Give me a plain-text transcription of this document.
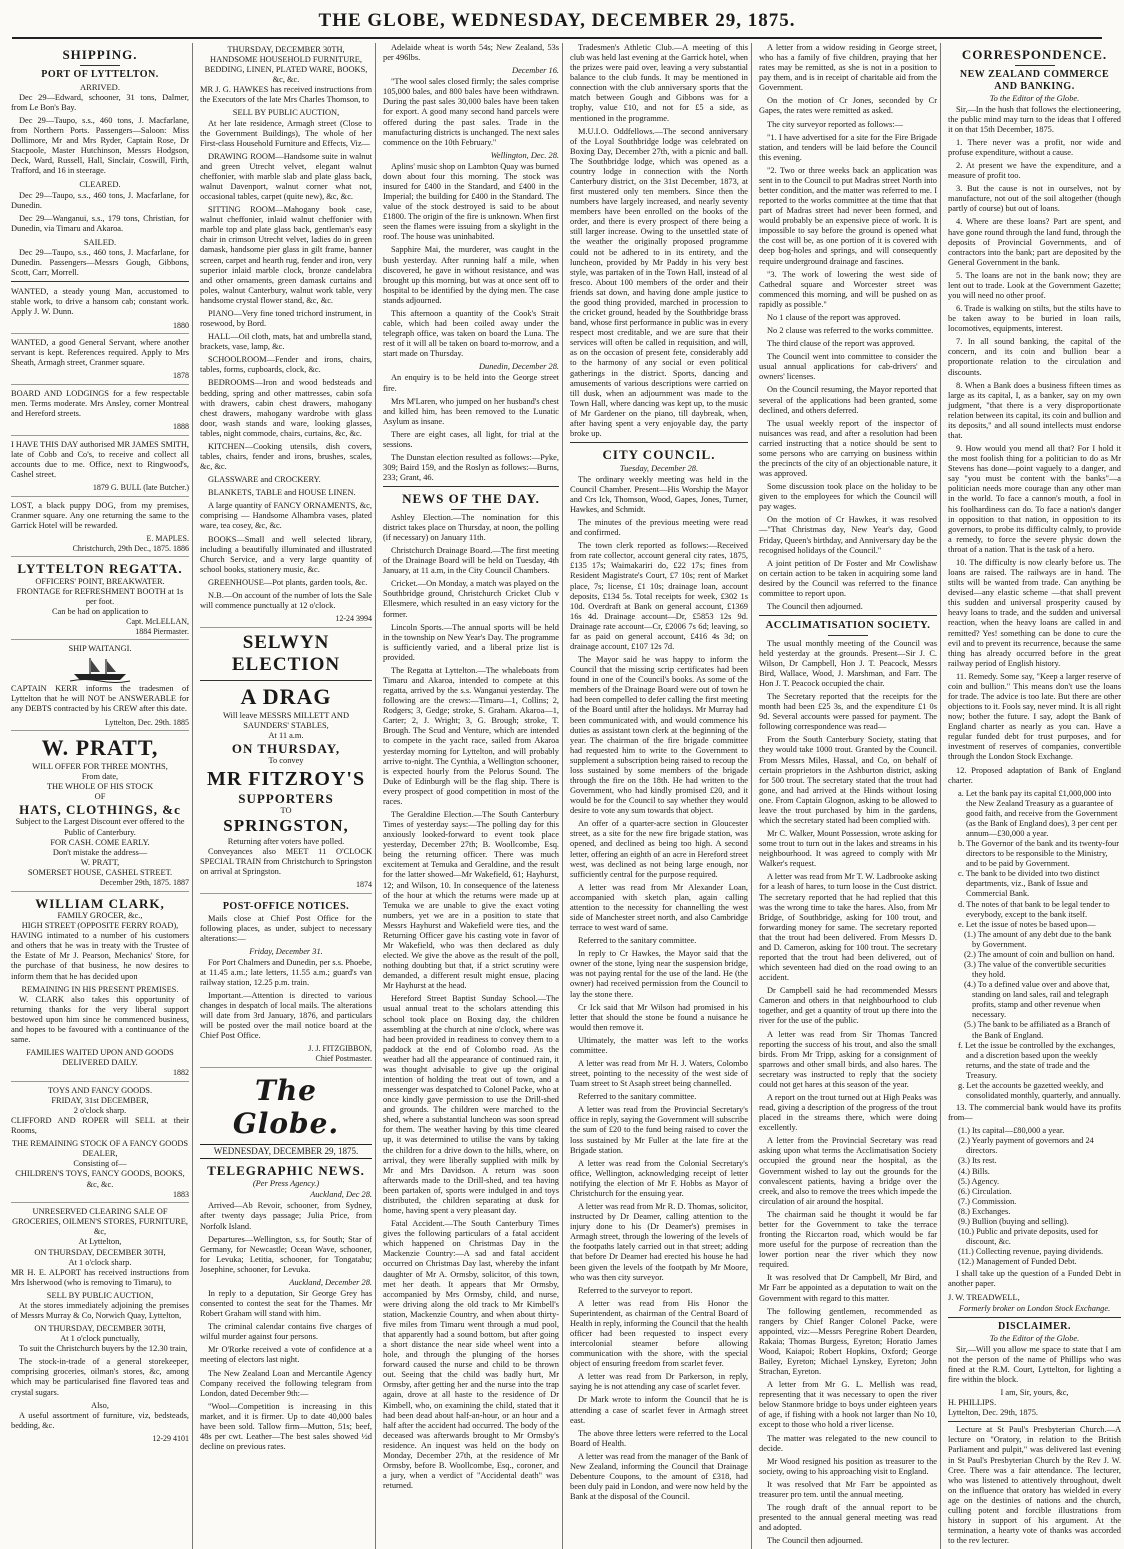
THE GLOBE, WEDNESDAY, DECEMBER 29, 1875.
SHIPPING.
PORT OF LYTTELTON.
ARRIVED.

Dec 29—Edward, schooner, 31 tons, Dalmer, from Le Bon's Bay.

Dec 29—Taupo, s.s., 460 tons, J. Macfarlane, from Northern Ports. Passengers—Saloon: Miss Dollimore, Mr and Mrs Ryder, Captain Rose, Dr Stacpoole, Master Hutchinson, Messrs Hodgson, Deck, Ward, Russell, Hall, Sinclair, Coswill, Firth, Trafford, and 16 in steerage.

CLEARED.

Dec 29—Taupo, s.s., 460 tons, J. Macfarlane, for Dunedin.

Dec 29—Wanganui, s.s., 179 tons, Christian, for Dunedin, via Timaru and Akaroa.

SAILED.

Dec 29—Taupo, s.s., 460 tons, J. Macfarlane, for Dunedin. Passengers—Messrs Gough, Gibbons, Scott, Carr, Morrell.

WANTED, a steady young Man, accustomed to stable work, to drive a hansom cab; constant work. Apply J. W. Dunn.

1880

WANTED, a good General Servant, where another servant is kept. References required. Apply to Mrs Sheath, Armagh street, Cranmer square.

1878

BOARD AND LODGINGS for a few respectable men. Terms moderate. Mrs Ansley, corner Montreal and Hereford streets.

1888

I HAVE THIS DAY authorised MR JAMES SMITH, late of Cobb and Co's, to receive and collect all accounts due to me. Office, next to Ringwood's, Cashel street.

1879 G. BULL (late Butcher.)

LOST, a black puppy DOG, from my premises, Cranmer square. Any one returning the same to the Garrick Hotel will be rewarded.

E. MAPLES.
Christchurch, 29th Dec., 1875. 1886
LYTTELTON REGATTA.
OFFICERS' POINT, BREAKWATER.
FRONTAGE for REFRESHMENT BOOTH at 1s per foot.
Can be had on application to
Capt. McLELLAN,
1884 Piermaster.
SHIP WAITANGI.

CAPTAIN KERR informs the tradesmen of Lyttelton that he will NOT be ANSWERABLE for any DEBTS contracted by his CREW after this date.

Lyttelton, Dec. 29th. 1885
W. PRATT,
WILL OFFER FOR THREE MONTHS,
From date,
THE WHOLE OF HIS STOCK
OF
HATS, CLOTHINGS, &c
Subject to the Largest Discount ever offered to the Public of Canterbury.
FOR CASH. COME EARLY.
Don't mistake the address—
W. PRATT,
SOMERSET HOUSE, CASHEL STREET.
December 29th, 1875. 1887
WILLIAM CLARK,
FAMILY GROCER, &c.,
HIGH STREET (OPPOSITE FERRY ROAD),

HAVING intimated to a number of his customers and others that he was in treaty with the Trustee of the Estate of Mr J. Pearson, Mechanics' Store, for the purchase of that business, he now desires to inform them that he has decided upon

REMAINING IN HIS PRESENT PREMISES.

W. CLARK also takes this opportunity of returning thanks for the very liberal support bestowed upon him since he commenced business, and hopes to be favoured with a continuance of the same.

FAMILIES WAITED UPON AND GOODS DELIVERED DAILY.
1882
TOYS AND FANCY GOODS.
FRIDAY, 31st DECEMBER,
2 o'clock sharp.

CLIFFORD AND ROPER will SELL at their Rooms,

THE REMAINING STOCK OF A FANCY GOODS DEALER,
Consisting of—
CHILDREN'S TOYS, FANCY GOODS, BOOKS, &c, &c.
1883
UNRESERVED CLEARING SALE OF GROCERIES, OILMEN'S STORES, FURNITURE, &c,
At Lyttelton,
ON THURSDAY, DECEMBER 30TH,
At 1 o'clock sharp.

MR H. E. ALPORT has received instructions from Mrs Isherwood (who is removing to Timaru), to

SELL BY PUBLIC AUCTION,

At the stores immediately adjoining the premises of Messrs Murray & Co, Norwich Quay, Lyttelton,

ON THURSDAY, DECEMBER 30TH,
At 1 o'clock punctually,

To suit the Christchurch buyers by the 12.30 train,

The stock-in-trade of a general storekeeper, comprising groceries, oilman's stores, &c, among which may be particularised fine flavored teas and crystal sugars.

Also,

A useful assortment of furniture, viz, bedsteads, bedding, &c.

12-29 4101
THURSDAY, DECEMBER 30TH,
HANDSOME HOUSEHOLD FURNITURE, BEDDING, LINEN, PLATED WARE, BOOKS, &c, &c.

MR J. G. HAWKES has received instructions from the Executors of the late Mrs Charles Thomson, to

SELL BY PUBLIC AUCTION,

At her late residence, Armagh street (Close to the Government Buildings), The whole of her First-class Household Furniture and Effects, Viz—

DRAWING ROOM—Handsome suite in walnut and green Utrecht velvet, elegant walnut cheffonier, with marble slab and plate glass back, walnut Davenport, walnut corner what not, occasional tables, carpet (quite new), &c, &c.

SITTING ROOM—Mahogany book case, walnut cheffonier, inlaid walnut cheffonier with marble top and plate glass back, gentleman's easy chair in crimson Utrecht velvet, ladies do in green damask, handsome pier glass in gilt frame, banner screen, carpet and hearth rug, fender and iron, very superior inlaid marble clock, bronze candelabra and other ornaments, green damask curtains and poles, walnut Canterbury, walnut work table, very handsome crystal flower stand, &c, &c.

PIANO—Very fine toned trichord instrument, in rosewood, by Bord.

HALL—Oil cloth, mats, hat and umbrella stand, brackets, vase, lamp, &c.

SCHOOLROOM—Fender and irons, chairs, tables, forms, cupboards, clock, &c.

BEDROOMS—Iron and wood bedsteads and bedding, spring and other mattresses, cabin sofa with drawers, cabin chest drawers, mahogany chest drawers, mahogany wardrobe with glass door, wash stands and ware, looking glasses, tables, night commode, chairs, curtains, &c, &c.

KITCHEN—Cooking utensils, dish covers, tables, chairs, fender and irons, brushes, scales, &c, &c.

GLASSWARE and CROCKERY.

BLANKETS, TABLE and HOUSE LINEN.

A large quantity of FANCY ORNAMENTS, &c, comprising — Handsome Alhambra vases, plated ware, tea cosey, &c, &c.

BOOKS—Small and well selected library, including a beautifully illuminated and illustrated Church Service, and a very large quantity of school books, stationery music, &c.

GREENHOUSE—Pot plants, garden tools, &c.

N.B.—On account of the number of lots the Sale will commence punctually at 12 o'clock.

12-24 3994
SELWYN ELECTION
A DRAG
Will leave MESSRS MILLETT AND SAUNDERS' STABLES,
At 11 a.m.
ON THURSDAY,
To convey
MR FITZROY'S
SUPPORTERS
TO
SPRINGSTON,
Returning after voters have polled.

Conveyances also MEET 11 O'CLOCK SPECIAL TRAIN from Christchurch to Springston on arrival at Springston.

1874
POST-OFFICE NOTICES.

Mails close at Chief Post Office for the following places, as under, subject to necessary alterations:—

Friday, December 31.

For Port Chalmers and Dunedin, per s.s. Phoebe, at 11.45 a.m.; late letters, 11.55 a.m.; guard's van railway station, 12.25 p.m. train.

Important.—Attention is directed to various changes in despatch of local mails. The alterations will date from 3rd January, 1876, and particulars will be posted over the mail notice board at the Chief Post Office.

J. J. FITZGIBBON,
Chief Postmaster.
The Globe.
WEDNESDAY, DECEMBER 29, 1875.
TELEGRAPHIC NEWS.
(Per Press Agency.)
Auckland, Dec 28.

Arrived—Ab Revoir, schooner, from Sydney, after twenty days passage; Julia Price, from Norfolk Island.

Departures—Wellington, s.s, for South; Star of Germany, for Newcastle; Ocean Wave, schooner, for Levuka; Letitia, schooner, for Tongatabu; Josephine, schooner, for Levuka.

Auckland, December 28.

In reply to a deputation, Sir George Grey has consented to contest the seat for the Thames. Mr Robert Graham will stand with him.

The criminal calendar contains five charges of wilful murder against four persons.

Mr O'Rorke received a vote of confidence at a meeting of electors last night.

The New Zealand Loan and Mercantile Agency Company received the following telegram from London, dated December 9th:—

"Wool—Competition is increasing in this market, and it is firmer. Up to date 40,000 bales have been sold. Tallow firm—Mutton, 51s; beef, 48s per cwt. Leather—The best sales showed ½d decline on previous rates.

Adelaide wheat is worth 54s; New Zealand, 53s per 496lbs.

December 16.

"The wool sales closed firmly; the sales comprise 105,000 bales, and 800 bales have been withdrawn. During the past sales 30,000 bales have been taken for export. A good many second hand parcels were offered during the past sales. Trade in the manufacturing districts is unchanged. The next sales commence on the 10th February."

Wellington, Dec. 28.

Aplins' music shop on Lambton Quay was burned down about four this morning. The stock was insured for £400 in the Standard, and £400 in the Imperial; the building for £400 in the Standard. The value of the stock destroyed is said to be about £1800. The origin of the fire is unknown. When first seen the flames were issuing from a skylight in the roof. The house was uninhabited.

Sapphire Mai, the murderer, was caught in the bush yesterday. After running half a mile, when discovered, he gave in without resistance, and was brought up this morning, but was at once sent off to hospital to be identified by the dying men. The case stands adjourned.

This afternoon a quantity of the Cook's Strait cable, which had been coiled away under the telegraph office, was taken on board the Luna. The rest of it will all be taken on board to-morrow, and a start made on Thursday.

Dunedin, December 28.

An enquiry is to be held into the George street fire.

Mrs M'Laren, who jumped on her husband's chest and killed him, has been removed to the Lunatic Asylum as insane.

There are eight cases, all light, for trial at the sessions.

The Dunstan election resulted as follows:—Pyke, 309; Baird 159, and the Roslyn as follows:—Burns, 233; Grant, 46.

NEWS OF THE DAY.

Ashley Election.—The nomination for this district takes place on Thursday, at noon, the polling (if necessary) on January 11th.

Christchurch Drainage Board.—The first meeting of the Drainage Board will be held on Tuesday, 4th January, at 11 a.m, in the City Council Chambers.

Cricket.—On Monday, a match was played on the Southbridge ground, Christchurch Cricket Club v Ellesmere, which resulted in an easy victory for the former.

Lincoln Sports.—The annual sports will be held in the township on New Year's Day. The programme is sufficiently varied, and a liberal prize list is provided.

The Regatta at Lyttelton.—The whaleboats from Timaru and Akaroa, intended to compete at this regatta, arrived by the s.s. Wanganui yesterday. The following are the crews:—Timaru—1, Collins; 2, Rodgers; 3, Gedge; stroke, S. Graham. Akaroa—1, Carter; 2, J. Wright; 3, G. Brough; stroke, T. Brough. The Scud and Venture, which are intended to compete in the yacht race, sailed from Akaroa yesterday morning for Lyttelton, and will probably arrive to-night. The Cynthia, a Wellington schooner, is expected hourly from the Pelorus Sound. The Duke of Edinburgh will be the flag ship. There is every prospect of good competition in most of the races.

The Geraldine Election.—The South Canterbury Times of yesterday says:—The polling day for this anxiously looked-forward to event took place yesterday, December 27th; B. Woollcombe, Esq. being the returning officer. There was much excitement at Temuka and Geraldine, and the result for the latter showed—Mr Wakefield, 61; Hayhurst, 12; and Wilson, 10. In consequence of the lateness of the hour at which the returns were made up at Temuka we are unable to give the exact voting numbers, yet we are in a position to state that Messrs Hayhurst and Wakefield were ties, and the Returning Officer gave his casting vote in favor of Mr Wakefield, who was then declared as duly elected. We give the above as the result of the poll, nothing doubting but that, if a strict scrutiny were demanded, a different result might ensue, placing Mr Hayhurst at the head.

Hereford Street Baptist Sunday School.—The usual annual treat to the scholars attending this school took place on Boxing day, the children assembling at the church at nine o'clock, where was had been provided in readiness to convey them to a paddock at the end of Colombo road. As the weather had all the appearance of continued rain, it was thought advisable to give up the original intention of holding the treat out of town, and a messenger was despatched to Colonel Packe, who at once kindly gave permission to use the Drill-shed and grounds. The children were marched to the shed, where a substantial luncheon was soon spread for them. The weather having by this time cleared up, it was determined to utilise the vans by taking the children for a drive down to the hills, where, on arrival, they were liberally supplied with milk by Mr and Mrs Davidson. A return was soon afterwards made to the Drill-shed, and tea having been partaken of, sports were indulged in and toys distributed, the children separating at dusk for home, having spent a very pleasant day.

Fatal Accident.—The South Canterbury Times gives the following particulars of a fatal accident which happened on Christmas Day in the Mackenzie Country:—A sad and fatal accident occurred on Christmas Day last, whereby the infant daughter of Mr A. Ormsby, solicitor, of this town, met her death. It appears that Mr Ormsby, accompanied by Mrs Ormsby, child, and nurse, were driving along the old track to Mr Kimbell's station, Mackenzie Country, and when about thirty-five miles from Timaru went through a mud pool, that apparently had a sound bottom, but after going a short distance the near side wheel went into a hole, and through the plunging of the horses forward caused the nurse and child to be thrown out. Seeing that the child was badly hurt, Mr Ormsby, after getting her and the nurse into the trap again, drove at all haste to the residence of Dr Kimbell, who, on examining the child, stated that it had been dead about half-an-hour, or an hour and a half after the accident had occurred. The body of the deceased was afterwards brought to Mr Ormsby's residence. An inquest was held on the body on Monday, December 27th, at the residence of Mr Ormsby, before B. Woollcombe, Esq., coroner, and a jury, when a verdict of "Accidental death" was returned.

Tradesmen's Athletic Club.—A meeting of this club was held last evening at the Garrick hotel, when the prizes were paid over, leaving a very substantial balance to the club funds. It may be mentioned in connection with the club anniversary sports that the match between Gough and Gibbons was for a trophy, value £10, and not for £5 a side, as mentioned in the programme.

M.U.I.O. Oddfellows.—The second anniversary of the Loyal Southbridge lodge was celebrated on Boxing Day, December 27th, with a picnic and ball. The Southbridge lodge, which was opened as a country lodge in connection with the North Canterbury district, on the 31st December, 1873, at first mustered only ten members. Since then the numbers have largely increased, and nearly seventy members have been enrolled on the books of the order, and there is every prospect of there being a still larger increase. Owing to the unsettled state of the weather the originally proposed programme could not be adhered to in its entirety, and the luncheon, provided by Mr Paddy in his very best style, was partaken of in the Town Hall, instead of al fresco. About 100 members of the order and their friends sat down, and having done ample justice to the good thing provided, marched in procession to the cricket ground, headed by the Southbridge brass band, whose first performance in public was in every respect most creditable, and we are sure that their services will often be called in requisition, and will, as on the occasion of present fete, considerably add to the harmony of any social or even political gatherings in the district. Sports, dancing and amusements of various descriptions were carried on till dusk, when an adjournment was made to the Town Hall, where dancing was kept up, to the music of Mr Gardener on the piano, till daybreak, when, after having spent a very enjoyable day, the party broke up.

CITY COUNCIL.
Tuesday, December 28.

The ordinary weekly meeting was held in the Council Chamber. Present—His Worship the Mayor and Crs Ick, Thomson, Wood, Gapes, Jones, Turner, Hawkes, and Schmidt.

The minutes of the previous meeting were read and confirmed.

The town clerk reported as follows:—Received from rate collector, account general city rates, 1875, £135 17s; Waimakariri do, £22 17s; fines from Resident Magistrate's Court, £7 10s; rent of Market place, 7s; license, £1 10s; drainage loan, account deposits, £134 5s. Total receipts for week, £302 1s 10d. Overdraft at Bank on general account, £1369 16s 4d. Drainage account—Dr, £5853 12s 9d. Drainage rate account—Cr, £2006 7s 6d; leaving, so far as paid on general account, £416 4s 3d; on drainage account, £107 12s 7d.

The Mayor said he was happy to inform the Council that the missing scrip certificates had been found in one of the Council's books. As some of the members of the Drainage Board were out of town he had been compelled to defer calling the first meeting of the Board until after the holidays. Mr Murray had been communicated with, and would commence his duties as assistant town clerk at the beginning of the year. The chairman of the fire brigade committee had requested him to write to the Government to supplement a subscription being raised to recoup the loss sustained by some members of the brigade through the fire on the 18th. He had written to the Government, who had kindly promised £20, and it would be for the Council to say whether they would desire to vote any sum towards that object.

An offer of a quarter-acre section in Gloucester street, as a site for the new fire brigade station, was opened, and declined as being too high. A second letter, offering an eighth of an acre in Hereford street west, was declined as not being large enough, nor sufficiently central for the purpose required.

A letter was read from Mr Alexander Loan, accompanied with sketch plan, again calling attention to the necessity for channelling the west side of Manchester street north, and also Cambridge terrace to west ward of same.

Referred to the sanitary committee.

In reply to Cr Hawkes, the Mayor said that the owner of the stone, lying near the suspension bridge, was not paying rental for the use of the land. He (the owner) had received permission from the Council to lay the stone there.

Cr Ick said that Mr Wilson had promised in his letter that should the stone be found a nuisance he would then remove it.

Ultimately, the matter was left to the works committee.

A letter was read from Mr H. J. Waters, Colombo street, pointing to the necessity of the west side of Tuam street to St Asaph street being channelled.

Referred to the sanitary committee.

A letter was read from the Provincial Secretary's office in reply, saying the Government will subscribe the sum of £20 to the fund being raised to cover the loss sustained by Mr Fuller at the late fire at the Brigade station.

A letter was read from the Colonial Secretary's office, Wellington, acknowledging receipt of letter notifying the election of Mr F. Hobbs as Mayor of Christchurch for the ensuing year.

A letter was read from Mr R. D. Thomas, solicitor, instructed by Dr Deamer, calling attention to the injury done to his (Dr Deamer's) premises in Armagh street, through the lowering of the levels of the footpaths lately carried out in that street; adding that before Dr Deamer had erected his house he had been given the levels of the footpath by Mr Moore, who was then city surveyor.

Referred to the surveyor to report.

A letter was read from His Honor the Superintendent, as chairman of the Central Board of Health in reply, informing the Council that the health officer had been requested to inspect every intercolonial steamer before allowing communication with the shore, with the special object of ensuring freedom from scarlet fever.

A letter was read from Dr Parkerson, in reply, saying he is not attending any case of scarlet fever.

Dr Mark wrote to inform the Council that he is attending a case of scarlet fever in Armagh street east.

The above three letters were referred to the Local Board of Health.

A letter was read from the manager of the Bank of New Zealand, informing the Council that Drainage Debenture Coupons, to the amount of £318, had been duly paid in London, and were now held by the Bank at the disposal of the Council.

A letter from a widow residing in George street, who has a family of five children, praying that her rates may be remitted, as she is not in a position to pay them, and is in receipt of charitable aid from the Government.

On the motion of Cr Jones, seconded by Cr Gapes, the rates were remitted as asked.

The city surveyor reported as follows:—

"1. I have advertised for a site for the Fire Brigade station, and tenders will be laid before the Council this evening.

"2. Two or three weeks back an application was sent in to the Council to put Madras street North into better condition, and the matter was referred to me. I reported to the works committee at the time that that part of Madras street had never been formed, and would probably be an expensive piece of work. It is impossible to say before the ground is opened what the cost will be, as one portion of it is covered with deep bog-holes and springs, and will consequently require underground drainage and fascines.

"3. The work of lowering the west side of Cathedral square and Worcester street was commenced this morning, and will be pushed on as rapidly as possible."

No 1 clause of the report was approved.

No 2 clause was referred to the works committee.

The third clause of the report was approved.

The Council went into committee to consider the usual annual applications for cab-drivers' and owners' licenses.

On the Council resuming, the Mayor reported that several of the applications had been granted, some declined, and others deferred.

The usual weekly report of the inspector of nuisances was read, and after a resolution had been carried instructing that a notice should be sent to some persons who are carrying on business within the precincts of the city of an objectionable nature, it was approved.

Some discussion took place on the holiday to be given to the employees for which the Council will pay wages.

On the motion of Cr Hawkes, it was resolved—"That Christmas day, New Year's day, Good Friday, Queen's birthday, and Anniversary day be the recognised holidays of the Council."

A joint petition of Dr Foster and Mr Cowlishaw on certain action to be taken in acquiring some land desired by the Council was referred to the finance committee to report upon.

The Council then adjourned.

ACCLIMATISATION SOCIETY.

The usual monthly meeting of the Council was held yesterday at the grounds. Present—Sir J. C. Wilson, Dr Campbell, Hon J. T. Peacock, Messrs Bird, Wallace, Wood, J. Marshman, and Farr. The Hon J. T. Peacock occupied the chair.

The Secretary reported that the receipts for the month had been £25 3s, and the expenditure £1 0s 9d. Several accounts were passed for payment. The following correspondence was read—

From the South Canterbury Society, stating that they would take 1000 trout. Granted by the Council. From Messrs Miles, Hassal, and Co, on behalf of certain proprietors in the Ashburton district, asking for 500 trout. The secretary stated that the trout had gone, and had arrived at the Hinds without losing one. From Captain Glognon, asking to be allowed to leave the trout purchased by him in the gardens, which the secretary stated had been complied with.

Mr C. Walker, Mount Possession, wrote asking for some trout to turn out in the lakes and streams in his neighbourhood. It was agreed to comply with Mr Walker's request.

A letter was read from Mr T. W. Ladbrooke asking for a leash of hares, to turn loose in the Cust district. The secretary reported that he had replied that this was the wrong time to take the hares. Also, from Mr Bridge, of Southbridge, asking for 100 trout, and forwarding money for same. The secretary reported that the trout had been delivered. From Messrs D. and D. Cameron, asking for 100 trout. The secretary reported that the trout had been delivered, out of which seventeen had died on the road owing to an accident.

Dr Campbell said he had recommended Messrs Cameron and others in that neighbourhood to club together, and get a quantity of trout up there into the river for the use of the public.

A letter was read from Sir Thomas Tancred reporting the success of his trout, and also the small birds. From Mr Tripp, asking for a consignment of sparrows and other small birds, and also hares. The secretary was instructed to reply that the society could not get hares at this season of the year.

A report on the trout turned out at High Peaks was read, giving a description of the progress of the trout placed in the streams there, which were doing excellently.

A letter from the Provincial Secretary was read asking upon what terms the Acclimatisation Society occupied the ground near the hospital, as the Government wished to lay out the grounds for the convalescent patients, having a bridge over the creek, and also to remove the trees which impede the circulation of air around the hospital.

The chairman said he thought it would be far better for the Government to take the terrace fronting the Riccarton road, which would be far more useful for the purpose of recreation than the lower portion near the river which they now required.

It was resolved that Dr Campbell, Mr Bird, and Mr Farr be appointed as a deputation to wait on the Government with regard to this matter.

The following gentlemen, recommended as rangers by Chief Ranger Colonel Packe, were appointed, viz:—Messrs Peregrine Robert Dearden, Rakaia; Thomas Burgess, Eyreton; Horatio James Wood, Kaiapoi; Robert Hopkins, Oxford; George Bailey, Eyreton; Michael Lynskey, Eyreton; John Strachan, Eyreton.

A letter from Mr G. L. Mellish was read, representing that it was necessary to open the river below Stanmore bridge to boys under eighteen years of age, if fishing with a hook not larger than No 10, except to those who hold a river license.

The matter was relegated to the new council to decide.

Mr Wood resigned his position as treasurer to the society, owing to his approaching visit to England.

It was resolved that Mr Farr be appointed as treasurer pro tem. until the annual meeting.

The rough draft of the annual report to be presented to the annual general meeting was read and adopted.

The Council then adjourned.

CORRESPONDENCE.
NEW ZEALAND COMMERCE AND BANKING.
To the Editor of the Globe.

Sir,—In the hush that follows the electioneering, the public mind may turn to the ideas that I offered it on that 15th December, 1875.

1. There never was a profit, nor wide and profuse expenditure, without a cause.

2. At present we have the expenditure, and a measure of profit too.

3. But the cause is not in ourselves, not by manufacture, not out of the soil altogether (though partly of course) but out of loans.

4. Where are these loans? Part are spent, and have gone round through the land fund, through the deposits of Provincial Governments, and of contractors into the bank; part are deposited by the General Government in the bank.

5. The loans are not in the bank now; they are lent out to trade. Look at the Government Gazette; you will need no other proof.

6. Trade is walking on stilts, but the stilts have to be taken away to be buried in loan rails, locomotives, equipments, interest.

7. In all sound banking, the capital of the concern, and its coin and bullion bear a proportionate relation to the circulation and discounts.

8. When a Bank does a business fifteen times as large as its capital, I, as a banker, say on my own judgment, "that there is a very disproportionate relation between its capital, its coin and bullion and its deposits," and all sound intellects must endorse that.

9. How would you mend all that? For I hold it the most foolish thing for a politician to do as Mr Stevens has done—point vaguely to a danger, and say "you must be content with the banks"—a politician needs more courage than any other man in the world. To face a cannon's mouth, a fool in his foolhardiness can do. To face a nation's danger in opposition to that nation, in opposition to its governors, to probe its difficulty calmly, to provide a remedy, to force the severe physic down the throat of a nation. That is the task of a hero.

10. The difficulty is now clearly before us. The loans are raised. The railways are in hand. The stilts will be wanted from trade. Can anything be devised—any elastic scheme —that shall prevent this sudden and universal prosperity caused by heavy loans to trade, and the sudden and universal reaction, when the heavy loans are called in and remitted? Yes! something can be done to cure the evil and to prevent its recurrence, because the same thing has already occurred before in the great railway period of English history.

11. Remedy. Some say, "Keep a larger reserve of coin and bullion." This means don't use the loans for trade. The advice is too late. But there are other objections to it. Fools say, never mind. It is all right now; bother the future. I say, adopt the Bank of England charter as nearly as you can. Have a regular funded debt for trust purposes, and for investment of reserves of companies, convertible through the London Stock Exchange.

12. Proposed adaptation of Bank of England charter.

a. Let the bank pay its capital £1,000,000 into the New Zealand Treasury as a guarantee of good faith, and receive from the Government (as the Bank of England does), 3 per cent per annum—£30,000 a year.
b. The Governor of the bank and its twenty-four directors to be responsible to the Ministry, and to be paid by Government.
c. The bank to be divided into two distinct departments, viz., Bank of Issue and Commercial Bank.
d. The notes of that bank to be legal tender to everybody, except to the bank itself.
e. Let the issue of notes be based upon—
(1.) The amount of any debt due to the bank by Government.
(2.) The amount of coin and bullion on hand.
(3.) The value of the convertible securities they hold.
(4.) To a defined value over and above that, standing on land sales, rail and telegraph profits, stamp and other revenue when necessary.
(5.) The bank to be affiliated as a Branch of the Bank of England.
f. Let the issue be controlled by the exchanges, and a discretion based upon the weekly returns, and the state of trade and the Treasury.
g. Let the accounts be gazetted weekly, and consolidated monthly, quarterly, and annually.

13. The commercial bank would have its profits from—

(1.) Its capital—£80,000 a year.
(2.) Yearly payment of governors and 24 directors.
(3.) Its rest.
(4.) Bills.
(5.) Agency.
(6.) Circulation.
(7.) Commission.
(8.) Exchanges.
(9.) Bullion (buying and selling).
(10.) Public and private deposits, used for discount, &c.
(11.) Collecting revenue, paying dividends.
(12.) Management of Funded Debt.

I shall take up the question of a Funded Debt in another paper.

J. W. TREADWELL,
Formerly broker on London Stock Exchange.
DISCLAIMER.
To the Editor of the Globe.

Sir,—Will you allow me space to state that I am not the person of the name of Phillips who was fined at the R.M. Court, Lyttelton, for lighting a fire within the block.

I am, Sir, yours, &c,
H. PHILLIPS.
Lyttelton, Dec. 29th, 1875.

Lecture at St Paul's Presbyterian Church.—A lecture on "Oratory, in relation to the British Parliament and pulpit," was delivered last evening in St Paul's Presbyterian Church by the Rev J. W. Cree. There was a fair attendance. The lecturer, who was listened to attentively throughout, dwelt on the influence that oratory has wielded in every age on the destinies of nations and the church, culling potent and forcible illustrations from history in support of his argument. At the termination, a hearty vote of thanks was accorded to the rev lecturer.
